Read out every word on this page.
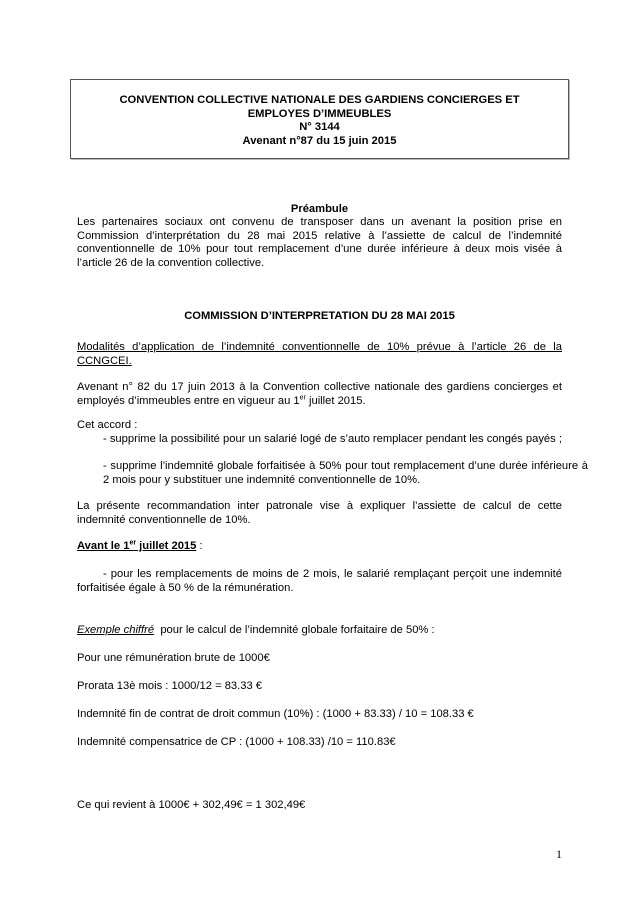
CONVENTION COLLECTIVE NATIONALE DES GARDIENS CONCIERGES ET
EMPLOYES D’IMMEUBLES
N° 3144
Avenant n°87 du 15 juin 2015
Préambule
Les partenaires sociaux ont convenu de transposer dans un avenant la position prise en Commission d’interprétation du 28 mai 2015 relative à l’assiette de calcul de l’indemnité conventionnelle de 10% pour tout remplacement d’une durée inférieure à deux mois visée à l’article 26 de la convention collective.
COMMISSION D’INTERPRETATION DU 28 MAI 2015
Modalités d’application de l’indemnité conventionnelle de 10% prévue à l’article 26 de la CCNGCEI.
Avenant n° 82 du 17 juin 2013 à la Convention collective nationale des gardiens concierges et employés d’immeubles entre en vigueur au 1er juillet 2015.
Cet accord :
- supprime la possibilité pour un salarié logé de s’auto remplacer pendant les congés payés ;
- supprime l’indemnité globale forfaitisée à 50% pour tout remplacement d’une durée inférieure à 2 mois pour y substituer une indemnité conventionnelle de 10%.
La présente recommandation inter patronale vise à expliquer l’assiette de calcul de cette indemnité conventionnelle de 10%.
Avant le 1er juillet 2015 :
- pour les remplacements de moins de 2 mois, le salarié remplaçant perçoit une indemnité forfaitisée égale à 50 % de la rémunération.
Exemple chiffré  pour le calcul de l’indemnité globale forfaitaire de 50% :
Pour une rémunération brute de 1000€
Prorata 13è mois : 1000/12 = 83.33 €
Indemnité fin de contrat de droit commun (10%) : (1000 + 83.33) / 10 = 108.33 €
Indemnité compensatrice de CP : (1000 + 108.33) /10 = 110.83€
Ce qui revient à 1000€ + 302,49€ = 1 302,49€
1
